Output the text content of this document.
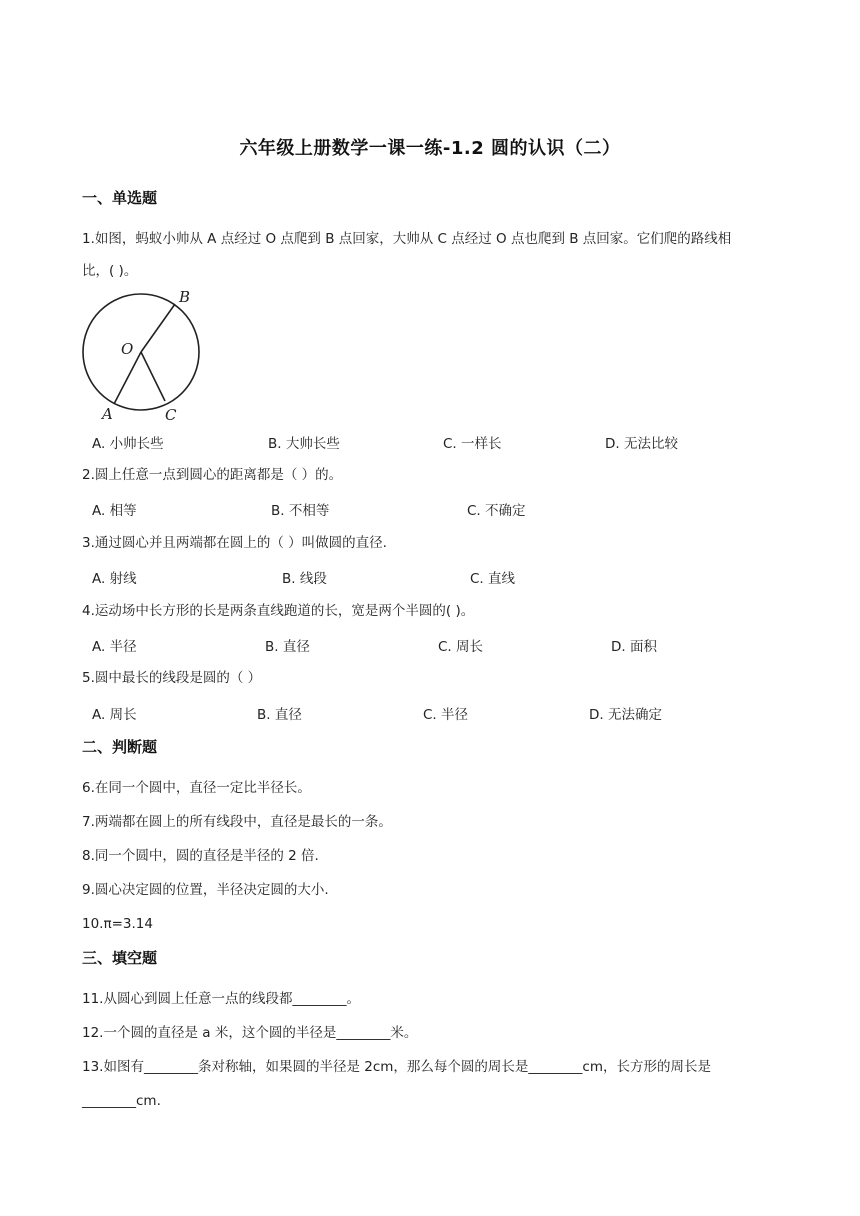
六年级上册数学一课一练-1.2 圆的认识（二）
一、单选题
1.如图，蚂蚁小帅从 A 点经过 O 点爬到 B 点回家，大帅从 C 点经过 O 点也爬到 B 点回家。它们爬的路线相
比，( )。
B
O
A	C
A. 小帅长些	B. 大帅长些	C. 一样长	D. 无法比较
2.圆上任意一点到圆心的距离都是（ ）的。
A. 相等	B. 不相等	C. 不确定
3.通过圆心并且两端都在圆上的（ ）叫做圆的直径.
A. 射线	B. 线段	C. 直线
4.运动场中长方形的长是两条直线跑道的长，宽是两个半圆的( )。
A. 半径	B. 直径	C. 周长	D. 面积
5.圆中最长的线段是圆的（ ）
A. 周长	B. 直径	C. 半径	D. 无法确定
二、判断题
6.在同一个圆中，直径一定比半径长。
7.两端都在圆上的所有线段中，直径是最长的一条。
8.同一个圆中，圆的直径是半径的 2 倍.
9.圆心决定圆的位置，半径决定圆的大小.
10.π=3.14
三、填空题
11.从圆心到圆上任意一点的线段都________。
12.一个圆的直径是 a 米，这个圆的半径是________米。
13.如图有________条对称轴，如果圆的半径是 2cm，那么每个圆的周长是________cm，长方形的周长是
________cm.
